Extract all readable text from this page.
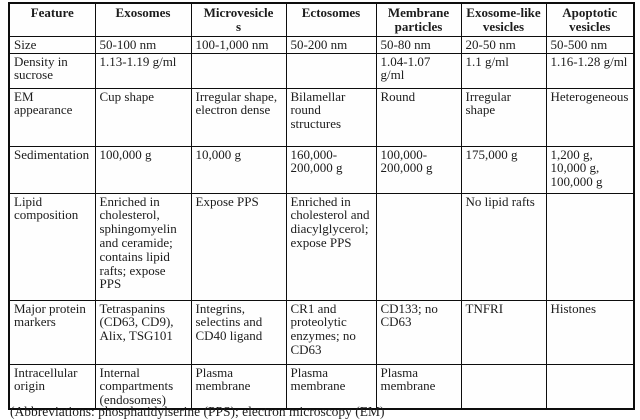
Feature	Exosomes	Microvesicles	Ectosomes	Membrane particles	Exosome-like vesicles	Apoptotic vesicles
Size	50-100 nm	100-1,000 nm	50-200 nm	50-80 nm	20-50 nm	50-500 nm
Density in sucrose	1.13-1.19 g/ml			1.04-1.07 g/ml	1.1 g/ml	1.16-1.28 g/ml
EM appearance	Cup shape	Irregular shape, electron dense	Bilamellar round structures	Round	Irregular shape	Heterogeneous
Sedimentation	100,000 g	10,000 g	160,000-200,000 g	100,000-200,000 g	175,000 g	1,200 g, 10,000 g, 100,000 g
Lipid composition	Enriched in cholesterol, sphingomyelin and ceramide; contains lipid rafts; expose PPS	Expose PPS	Enriched in cholesterol and diacylglycerol; expose PPS		No lipid rafts	
Major protein markers	Tetraspanins (CD63, CD9), Alix, TSG101	Integrins, selectins and CD40 ligand	CR1 and proteolytic enzymes; no CD63	CD133; no CD63	TNFRI	Histones
Intracellular origin	Internal compartments (endosomes)	Plasma membrane	Plasma membrane	Plasma membrane		
(Abbreviations: phosphatidylserine (PPS); electron microscopy (EM)
